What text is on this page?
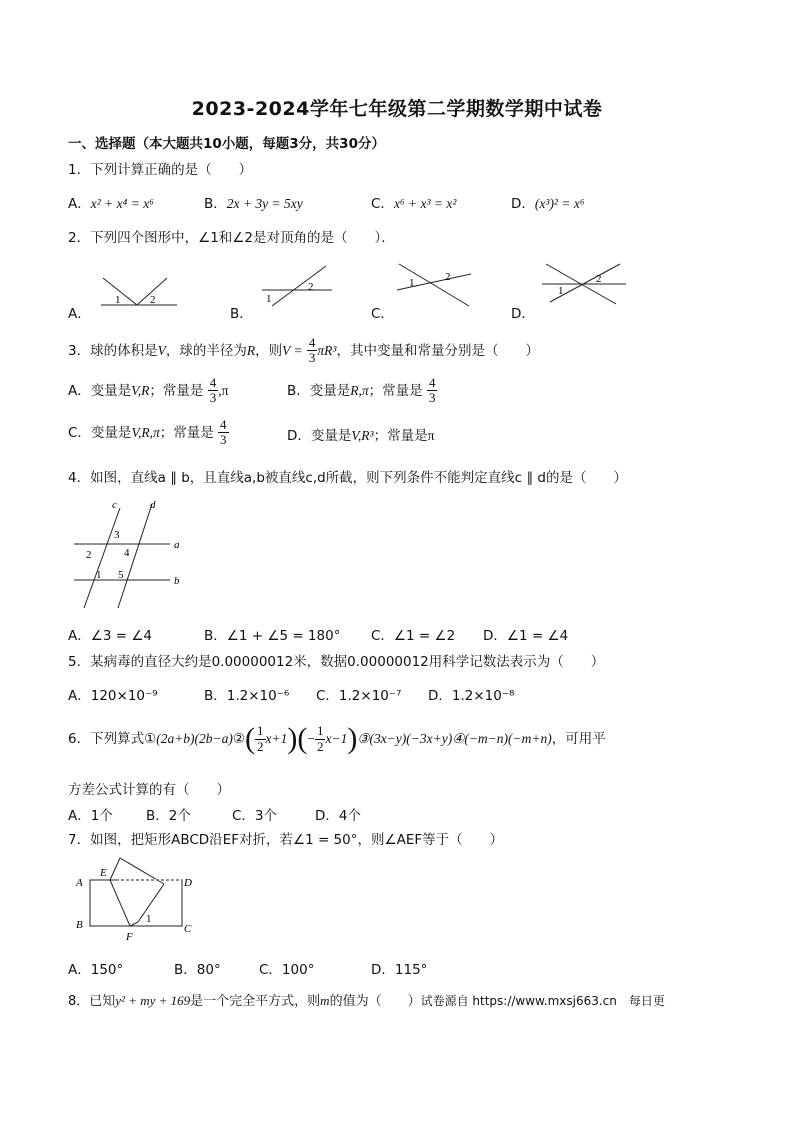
2023-2024学年七年级第二学期数学期中试卷
一、选择题（本大题共10小题，每题3分，共30分）
1．下列计算正确的是（　　）
A．x² + x⁴ = x⁶	B．2x + 3y = 5xy	C．x⁶ + x³ = x²	D．(x³)² = x⁶
2．下列四个图形中，∠1和∠2是对顶角的是（　　）．
A．	B．	C．	D．
1	2	1
2	1	2
1
2
3．球的体积是V，球的半径为R，则$V = \frac{4}{3} \pi R^3$，其中变量和常量分别是（　　）
A．变量是V,R；常量是 $\frac{4}{3} ,\pi$	B．变量是R,π；常量是 $\frac{4}{3}$
C．变量是V,R,π；常量是 $\frac{4}{3}$	D．变量是V,R³；常量是π
4．如图，直线a ∥ b，且直线a,b被直线c,d所截，则下列条件不能判定直线c ∥ d的是（　　）
c	d
a
b
1
2
3
4
5
A．∠3 = ∠4	B．∠1 + ∠5 = 180° C．∠1 = ∠2 D．∠1 = ∠4
5．某病毒的直径大约是0.00000012米，数据0.00000012用科学记数法表示为（　　）
A．120×10⁻⁹	B．1.2×10⁻⁶ C．1.2×10⁻⁷ D．1.2×10⁻⁸
6．下列算式①(2a+b)(2b−a)②( $\frac{1}{2} x+1)(- \frac{1}{2}$ x−1)③(3x−y)(−3x+y)④(−m−n)(−m+n)，可用平
方差公式计算的有（　　）
A．1个 B．2个	C．3个	D．4个
7．如图，把矩形ABCD沿EF对折，若∠1 = 50°，则∠AEF等于（　　）
A	D
B	C
E
F
1
A．150°	B．80°	C．100°	D．115°
8．已知y² + my + 169是一个完全平方式，则m的值为（　　）试卷源自 https://www.mxsj663.cn　每日更
